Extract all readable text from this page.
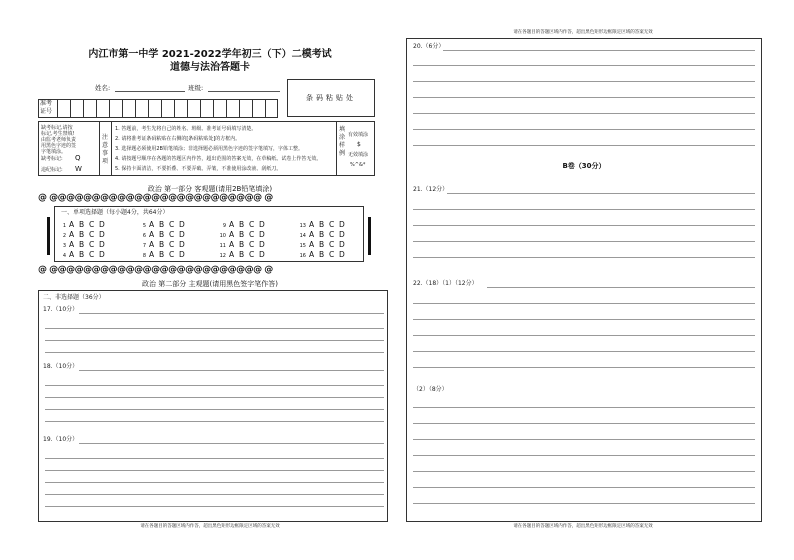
内江市第一中学 2021-2022学年初三（下）二模考试
道德与法治答题卡
姓名:	班级:
准考
证号
条码粘贴处
缺考标记,请按标记,考生禁填!由监考老师负责用黑色字迹的签字笔填涂。
缺考标记: Q
违纪标记: W
注意事项
1. 答题前，考生先将自己的姓名、班级、准考证号码填写清楚。
2. 请将准考证条码粘贴在右侧的[条码粘贴处]的方框内。
3. 选择题必须使用2B铅笔填涂；非选择题必须用黑色字迹的签字笔填写，字体工整。
4. 请按题号顺序在各题的答题区内作答，超出范围的答案无效，在草稿纸、试卷上作答无效。
5. 保持卡面清洁，不要折叠、不要弄破、弄皱，不准使用涂改液、刮纸刀。
填涂样例
有效填涂
$
无效填涂
%^&*
政治 第一部分 客观题(请用2B铅笔填涂)
@ @@@@@@@@@@@@@@@@@@@@@@@@@ @
一、单项选择题（每小题4分，共64分）
1 A B C D
2 A B C D
3 A B C D
4 A B C D
5 A B C D
6 A B C D
7 A B C D
8 A B C D
9 A B C D
10 A B C D
11 A B C D
12 A B C D
13 A B C D
14 A B C D
15 A B C D
16 A B C D
@ @@@@@@@@@@@@@@@@@@@@@@@@@ @
政治 第二部分 主观题(请用黑色签字笔作答)
二、非选择题（36分）
17.（10分）
18.（10分）
19.（10分）
请在各题目的答题区域内作答，超出黑色矩形边框限定区域的答案无效
请在各题目的答题区域内作答，超出黑色矩形边框限定区域的答案无效
20.（6分）
B卷（30分）
21.（12分）
22.（18）（1）（12分）
（2）（8分）
请在各题目的答题区域内作答，超出黑色矩形边框限定区域的答案无效
